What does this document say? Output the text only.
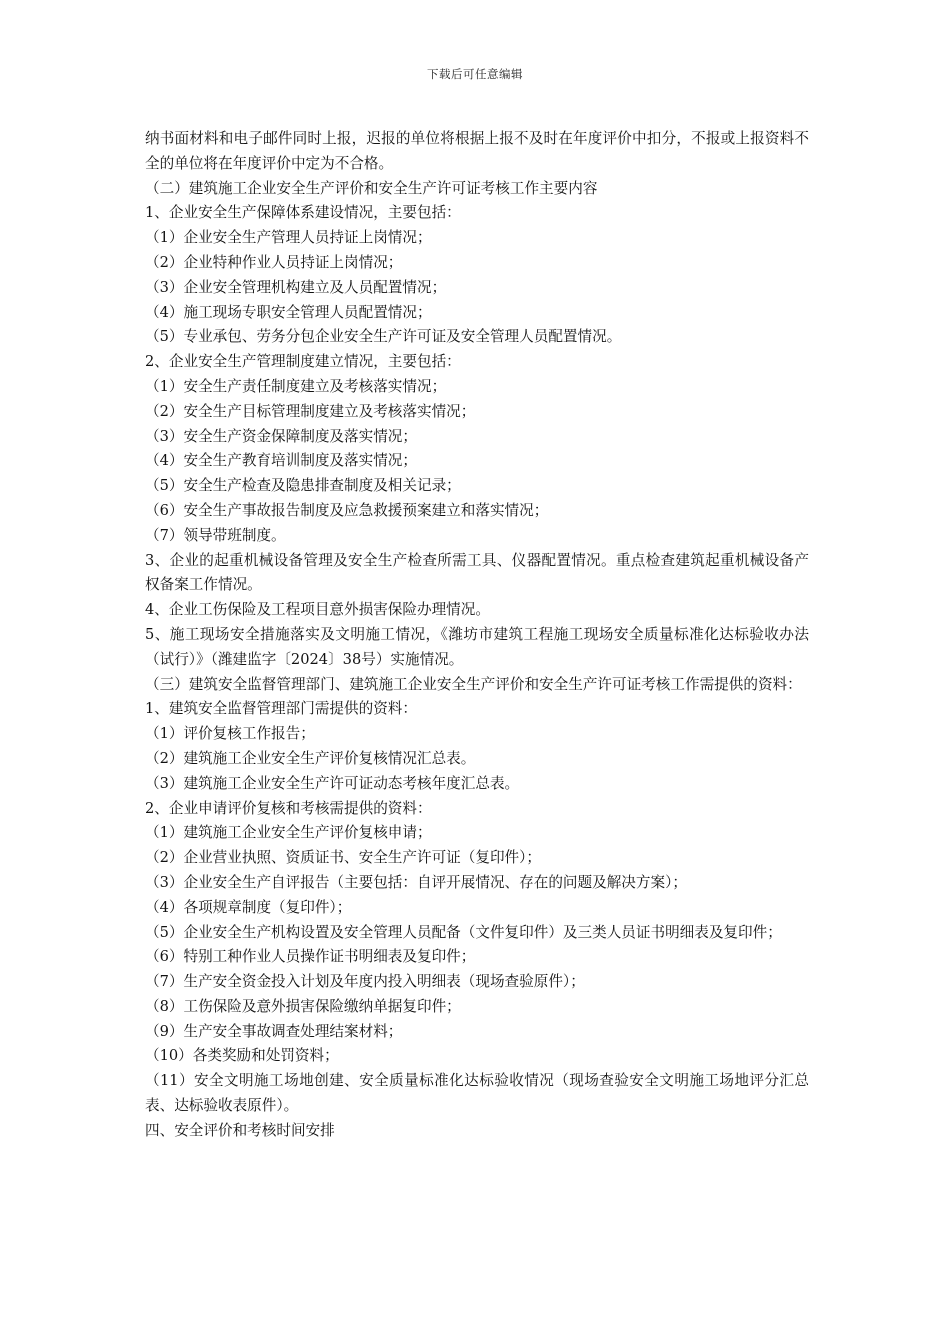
下载后可任意编辑

纳书面材料和电子邮件同时上报，迟报的单位将根据上报不及时在年度评价中扣分，不报或上报资料不全的单位将在年度评价中定为不合格。

（二）建筑施工企业安全生产评价和安全生产许可证考核工作主要内容

1、企业安全生产保障体系建设情况，主要包括：

（1）企业安全生产管理人员持证上岗情况；

（2）企业特种作业人员持证上岗情况；

（3）企业安全管理机构建立及人员配置情况；

（4）施工现场专职安全管理人员配置情况；

（5）专业承包、劳务分包企业安全生产许可证及安全管理人员配置情况。

2、企业安全生产管理制度建立情况，主要包括：

（1）安全生产责任制度建立及考核落实情况；

（2）安全生产目标管理制度建立及考核落实情况；

（3）安全生产资金保障制度及落实情况；

（4）安全生产教育培训制度及落实情况；

（5）安全生产检查及隐患排查制度及相关记录；

（6）安全生产事故报告制度及应急救援预案建立和落实情况；

（7）领导带班制度。

3、企业的起重机械设备管理及安全生产检查所需工具、仪器配置情况。重点检查建筑起重机械设备产权备案工作情况。

4、企业工伤保险及工程项目意外损害保险办理情况。

5、施工现场安全措施落实及文明施工情况，《潍坊市建筑工程施工现场安全质量标准化达标验收办法（试行）》（潍建监字〔2024〕38号）实施情况。

（三）建筑安全监督管理部门、建筑施工企业安全生产评价和安全生产许可证考核工作需提供的资料：

1、建筑安全监督管理部门需提供的资料：

（1）评价复核工作报告；

（2）建筑施工企业安全生产评价复核情况汇总表。

（3）建筑施工企业安全生产许可证动态考核年度汇总表。

2、企业申请评价复核和考核需提供的资料：

（1）建筑施工企业安全生产评价复核申请；

（2）企业营业执照、资质证书、安全生产许可证（复印件）；

（3）企业安全生产自评报告（主要包括：自评开展情况、存在的问题及解决方案）；

（4）各项规章制度（复印件）；

（5）企业安全生产机构设置及安全管理人员配备（文件复印件）及三类人员证书明细表及复印件；

（6）特别工种作业人员操作证书明细表及复印件；

（7）生产安全资金投入计划及年度内投入明细表（现场查验原件）；

（8）工伤保险及意外损害保险缴纳单据复印件；

（9）生产安全事故调查处理结案材料；

（10）各类奖励和处罚资料；

（11）安全文明施工场地创建、安全质量标准化达标验收情况（现场查验安全文明施工场地评分汇总表、达标验收表原件）。

四、安全评价和考核时间安排
